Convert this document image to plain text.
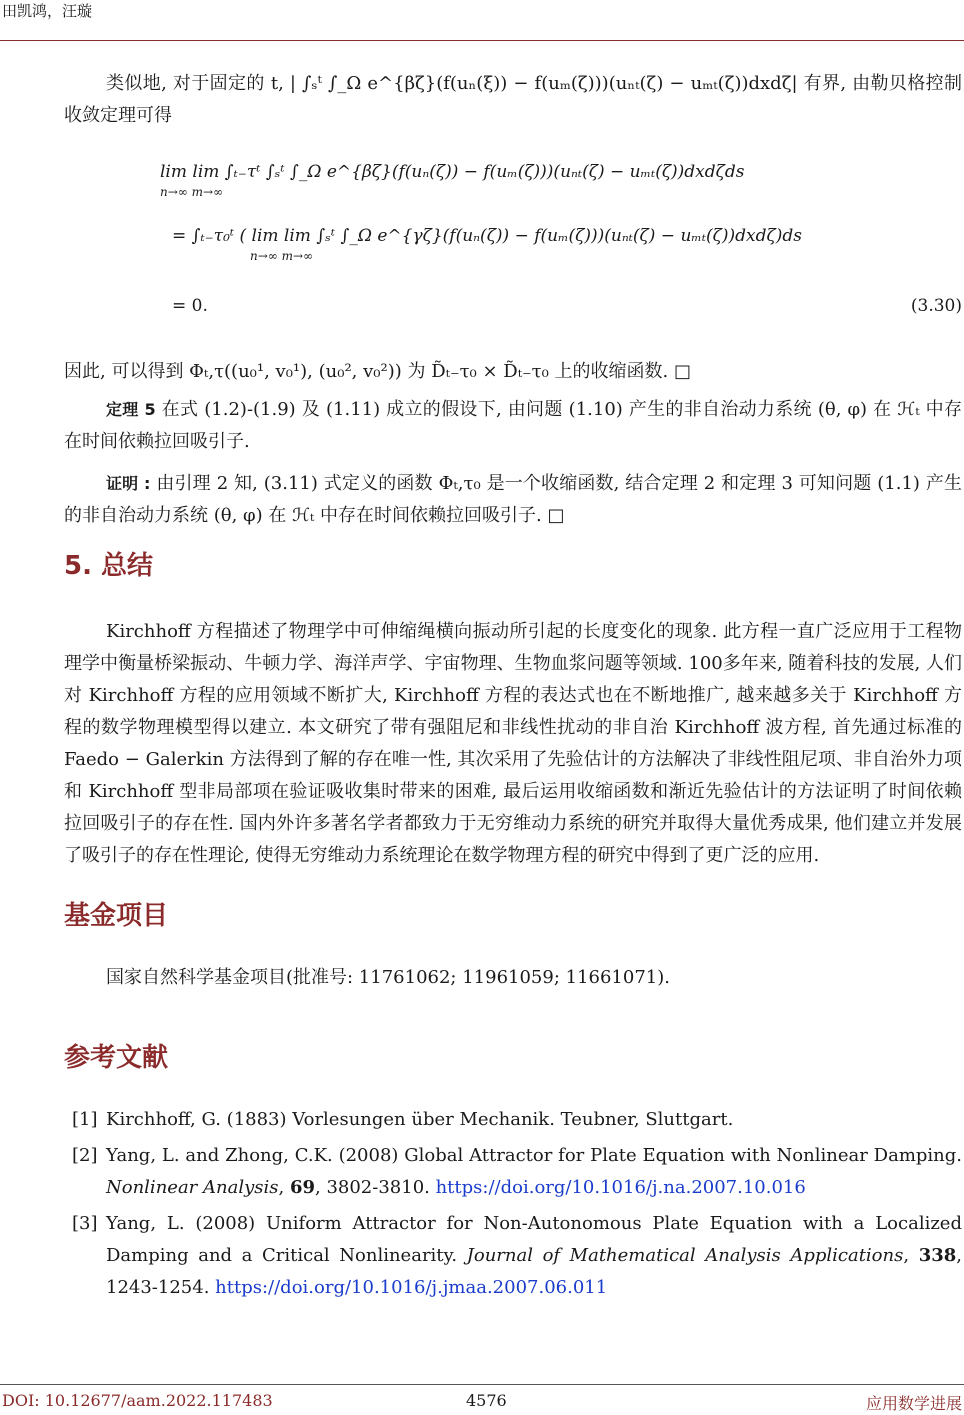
田凯鸿，汪璇

类似地, 对于固定的 t, | ∫ₛᵗ ∫_Ω e^{βζ}(f(uₙ(ξ)) − f(uₘ(ζ)))(uₙₜ(ζ) − uₘₜ(ζ))dxdζ| 有界, 由勒贝格控制收敛定理可得

lim lim ∫ₜ₋τᵗ ∫ₛᵗ ∫_Ω e^{βζ}(f(uₙ(ζ)) − f(uₘ(ζ)))(uₙₜ(ζ) − uₘₜ(ζ))dxdζds
n→∞ m→∞
= ∫ₜ₋τ₀ᵗ ( lim lim ∫ₛᵗ ∫_Ω e^{γζ}(f(uₙ(ζ)) − f(uₘ(ζ)))(uₙₜ(ζ) − uₘₜ(ζ))dxdζ)ds
n→∞ m→∞
= 0.	(3.30)

因此, 可以得到 Φₜ,τ((u₀¹, v₀¹), (u₀², v₀²)) 为 D̃ₜ₋τ₀ × D̃ₜ₋τ₀ 上的收缩函数. □

定理 5 在式 (1.2)-(1.9) 及 (1.11) 成立的假设下, 由问题 (1.10) 产生的非自治动力系统 (θ, φ) 在 ℋₜ 中存在时间依赖拉回吸引子.

证明 : 由引理 2 知, (3.11) 式定义的函数 Φₜ,τ₀ 是一个收缩函数, 结合定理 2 和定理 3 可知问题 (1.1) 产生的非自治动力系统 (θ, φ) 在 ℋₜ 中存在时间依赖拉回吸引子. □

5. 总结

Kirchhoff 方程描述了物理学中可伸缩绳横向振动所引起的长度变化的现象. 此方程一直广泛应用于工程物理学中衡量桥梁振动、牛顿力学、海洋声学、宇宙物理、生物血浆问题等领域. 100多年来, 随着科技的发展, 人们对 Kirchhoff 方程的应用领域不断扩大, Kirchhoff 方程的表达式也在不断地推广, 越来越多关于 Kirchhoff 方程的数学物理模型得以建立. 本文研究了带有强阻尼和非线性扰动的非自治 Kirchhoff 波方程, 首先通过标准的 Faedo − Galerkin 方法得到了解的存在唯一性, 其次采用了先验估计的方法解决了非线性阻尼项、非自治外力项和 Kirchhoff 型非局部项在验证吸收集时带来的困难, 最后运用收缩函数和渐近先验估计的方法证明了时间依赖拉回吸引子的存在性. 国内外许多著名学者都致力于无穷维动力系统的研究并取得大量优秀成果, 他们建立并发展了吸引子的存在性理论, 使得无穷维动力系统理论在数学物理方程的研究中得到了更广泛的应用.

基金项目

国家自然科学基金项目(批准号: 11761062; 11961059; 11661071).

参考文献
[1] Kirchhoff, G. (1883) Vorlesungen über Mechanik. Teubner, Sluttgart.
[2] Yang, L. and Zhong, C.K. (2008) Global Attractor for Plate Equation with Nonlinear Damping. Nonlinear Analysis, 69, 3802-3810. https://doi.org/10.1016/j.na.2007.10.016
[3] Yang, L. (2008) Uniform Attractor for Non-Autonomous Plate Equation with a Localized Damping and a Critical Nonlinearity. Journal of Mathematical Analysis Applications, 338, 1243-1254. https://doi.org/10.1016/j.jmaa.2007.06.011
DOI: 10.12677/aam.2022.117483	4576	应用数学进展
